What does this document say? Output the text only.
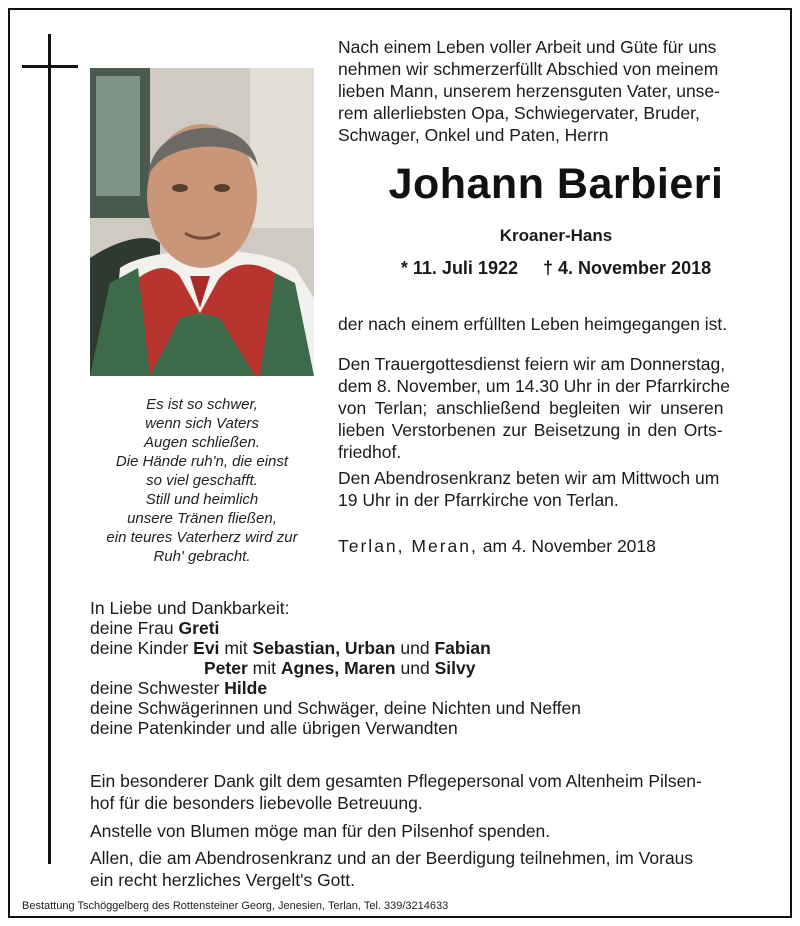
Es ist so schwer,
wenn sich Vaters
Augen schließen.
Die Hände ruh'n, die einst
so viel geschafft.
Still und heimlich
unsere Tränen fließen,
ein teures Vaterherz wird zur
Ruh' gebracht.
Nach einem Leben voller Arbeit und Güte für uns
nehmen wir schmerzerfüllt Abschied von meinem
lieben Mann, unserem herzensguten Vater, unse-
rem allerliebsten Opa, Schwiegervater, Bruder,
Schwager, Onkel und Paten, Herrn
Johann Barbieri
Kroaner-Hans
* 11. Juli 1922 † 4. November 2018
der nach einem erfüllten Leben heimgegangen ist.
Den Trauergottesdienst feiern wir am Donnerstag,
dem 8. November, um 14.30 Uhr in der Pfarrkirche
von Terlan; anschließend begleiten wir unseren
lieben Verstorbenen zur Beisetzung in den Orts-
friedhof.
Den Abendrosenkranz beten wir am Mittwoch um
19 Uhr in der Pfarrkirche von Terlan.
Terlan, Meran, am 4. November 2018
In Liebe und Dankbarkeit:
deine Frau Greti
deine Kinder Evi mit Sebastian, Urban und Fabian
Peter mit Agnes, Maren und Silvy
deine Schwester Hilde
deine Schwägerinnen und Schwäger, deine Nichten und Neffen
deine Patenkinder und alle übrigen Verwandten
Ein besonderer Dank gilt dem gesamten Pflegepersonal vom Altenheim Pilsen-
hof für die besonders liebevolle Betreuung.
Anstelle von Blumen möge man für den Pilsenhof spenden.
Allen, die am Abendrosenkranz und an der Beerdigung teilnehmen, im Voraus
ein recht herzliches Vergelt's Gott.
Bestattung Tschöggelberg des Rottensteiner Georg, Jenesien, Terlan, Tel. 339/3214633
